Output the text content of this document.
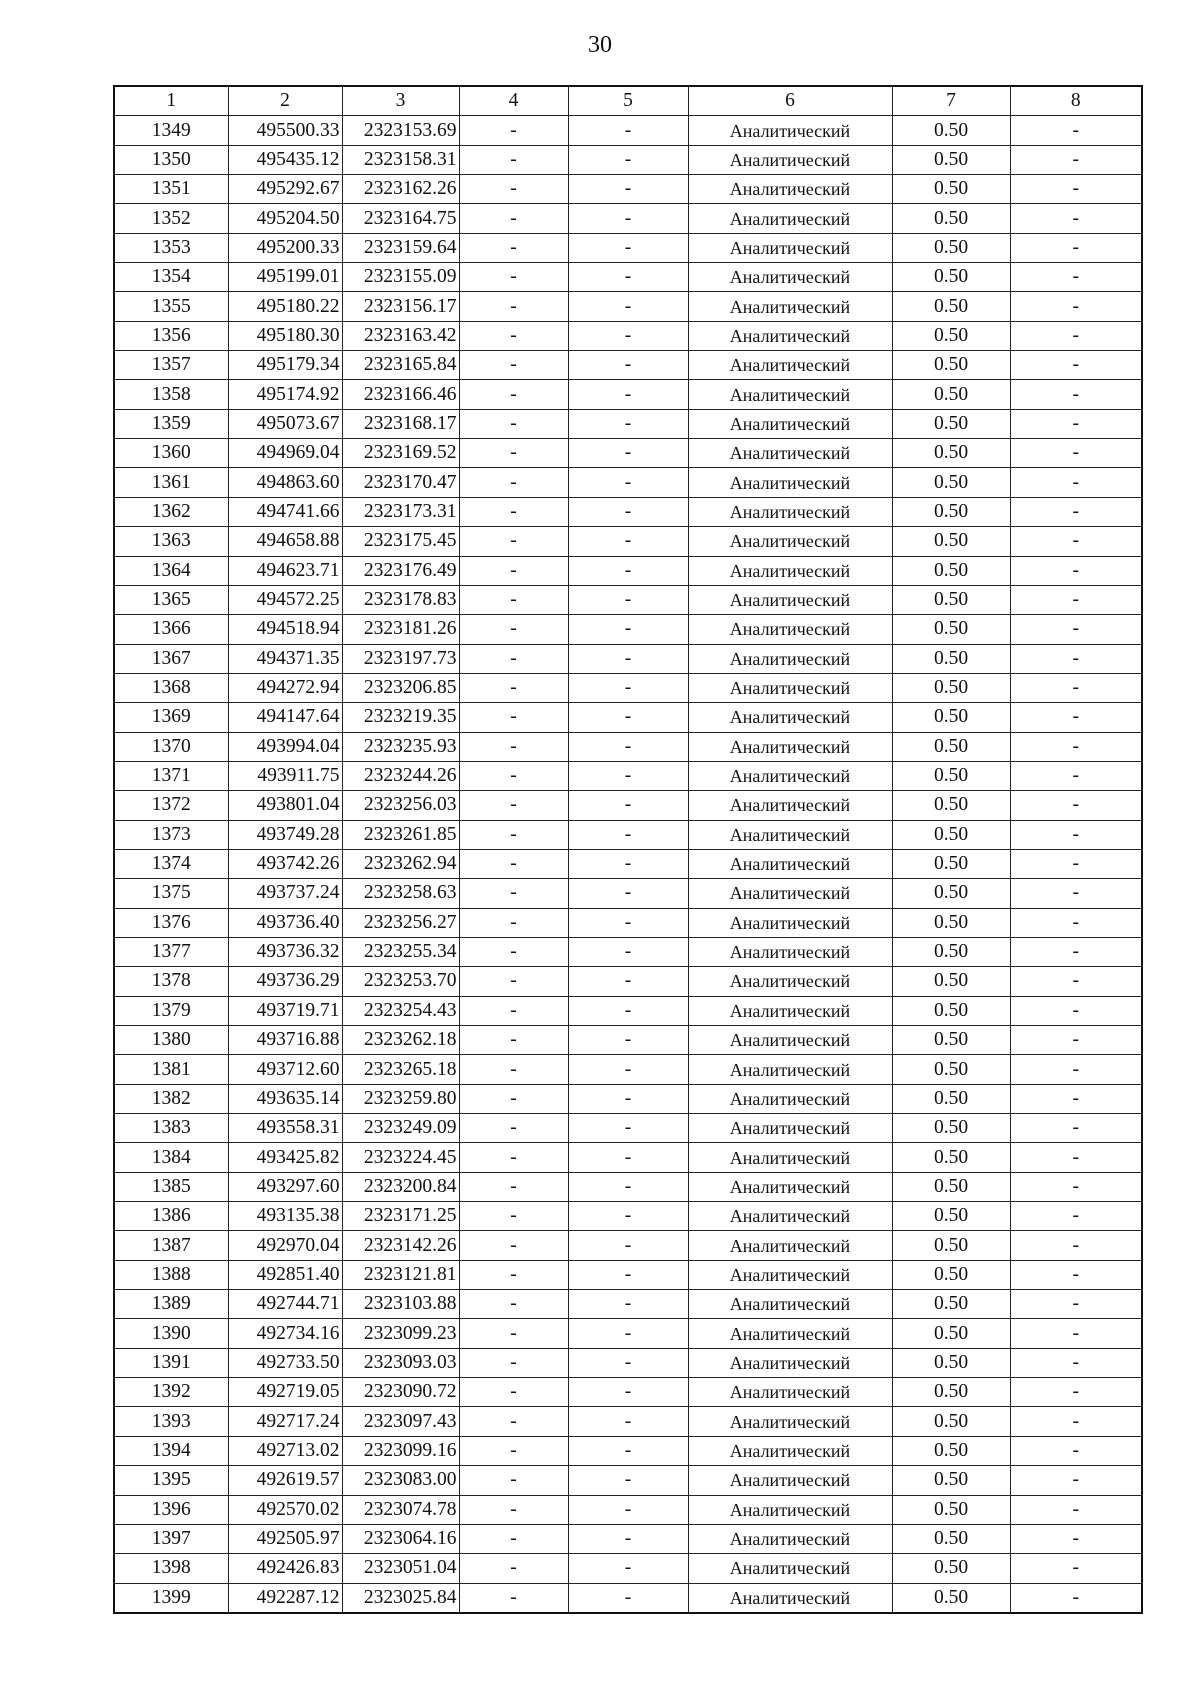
30
1	2	3	4	5	6	7	8
1349	495500.33	2323153.69	-	-	Аналитический	0.50	-
1350	495435.12	2323158.31	-	-	Аналитический	0.50	-
1351	495292.67	2323162.26	-	-	Аналитический	0.50	-
1352	495204.50	2323164.75	-	-	Аналитический	0.50	-
1353	495200.33	2323159.64	-	-	Аналитический	0.50	-
1354	495199.01	2323155.09	-	-	Аналитический	0.50	-
1355	495180.22	2323156.17	-	-	Аналитический	0.50	-
1356	495180.30	2323163.42	-	-	Аналитический	0.50	-
1357	495179.34	2323165.84	-	-	Аналитический	0.50	-
1358	495174.92	2323166.46	-	-	Аналитический	0.50	-
1359	495073.67	2323168.17	-	-	Аналитический	0.50	-
1360	494969.04	2323169.52	-	-	Аналитический	0.50	-
1361	494863.60	2323170.47	-	-	Аналитический	0.50	-
1362	494741.66	2323173.31	-	-	Аналитический	0.50	-
1363	494658.88	2323175.45	-	-	Аналитический	0.50	-
1364	494623.71	2323176.49	-	-	Аналитический	0.50	-
1365	494572.25	2323178.83	-	-	Аналитический	0.50	-
1366	494518.94	2323181.26	-	-	Аналитический	0.50	-
1367	494371.35	2323197.73	-	-	Аналитический	0.50	-
1368	494272.94	2323206.85	-	-	Аналитический	0.50	-
1369	494147.64	2323219.35	-	-	Аналитический	0.50	-
1370	493994.04	2323235.93	-	-	Аналитический	0.50	-
1371	493911.75	2323244.26	-	-	Аналитический	0.50	-
1372	493801.04	2323256.03	-	-	Аналитический	0.50	-
1373	493749.28	2323261.85	-	-	Аналитический	0.50	-
1374	493742.26	2323262.94	-	-	Аналитический	0.50	-
1375	493737.24	2323258.63	-	-	Аналитический	0.50	-
1376	493736.40	2323256.27	-	-	Аналитический	0.50	-
1377	493736.32	2323255.34	-	-	Аналитический	0.50	-
1378	493736.29	2323253.70	-	-	Аналитический	0.50	-
1379	493719.71	2323254.43	-	-	Аналитический	0.50	-
1380	493716.88	2323262.18	-	-	Аналитический	0.50	-
1381	493712.60	2323265.18	-	-	Аналитический	0.50	-
1382	493635.14	2323259.80	-	-	Аналитический	0.50	-
1383	493558.31	2323249.09	-	-	Аналитический	0.50	-
1384	493425.82	2323224.45	-	-	Аналитический	0.50	-
1385	493297.60	2323200.84	-	-	Аналитический	0.50	-
1386	493135.38	2323171.25	-	-	Аналитический	0.50	-
1387	492970.04	2323142.26	-	-	Аналитический	0.50	-
1388	492851.40	2323121.81	-	-	Аналитический	0.50	-
1389	492744.71	2323103.88	-	-	Аналитический	0.50	-
1390	492734.16	2323099.23	-	-	Аналитический	0.50	-
1391	492733.50	2323093.03	-	-	Аналитический	0.50	-
1392	492719.05	2323090.72	-	-	Аналитический	0.50	-
1393	492717.24	2323097.43	-	-	Аналитический	0.50	-
1394	492713.02	2323099.16	-	-	Аналитический	0.50	-
1395	492619.57	2323083.00	-	-	Аналитический	0.50	-
1396	492570.02	2323074.78	-	-	Аналитический	0.50	-
1397	492505.97	2323064.16	-	-	Аналитический	0.50	-
1398	492426.83	2323051.04	-	-	Аналитический	0.50	-
1399	492287.12	2323025.84	-	-	Аналитический	0.50	-
